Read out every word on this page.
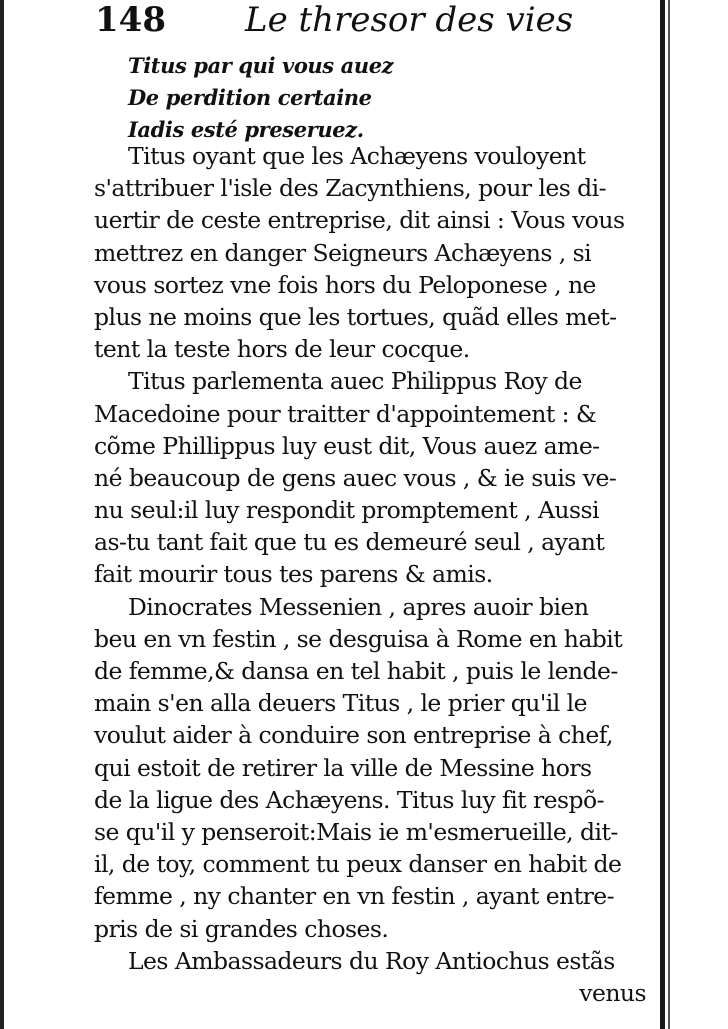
148 Le thresor des vies
Titus par qui vous auez
De perdition certaine
Iadis esté preseruez.
Titus oyant que les Achæyens vouloyent
s'attribuer l'isle des Zacynthiens, pour les di-
uertir de ceste entreprise, dit ainsi : Vous vous
mettrez en danger Seigneurs Achæyens , si
vous sortez vne fois hors du Peloponese , ne
plus ne moins que les tortues, quãd elles met-
tent la teste hors de leur cocque.
Titus parlementa auec Philippus Roy de
Macedoine pour traitter d'appointement : &
cõme Phillippus luy eust dit, Vous auez ame-
né beaucoup de gens auec vous , & ie suis ve-
nu seul:il luy respondit promptement , Aussi
as-tu tant fait que tu es demeuré seul , ayant
fait mourir tous tes parens & amis.
Dinocrates Messenien , apres auoir bien
beu en vn festin , se desguisa à Rome en habit
de femme,& dansa en tel habit , puis le lende-
main s'en alla deuers Titus , le prier qu'il le
voulut aider à conduire son entreprise à chef,
qui estoit de retirer la ville de Messine hors
de la ligue des Achæyens. Titus luy fit respõ-
se qu'il y penseroit:Mais ie m'esmerueille, dit-
il, de toy, comment tu peux danser en habit de
femme , ny chanter en vn festin , ayant entre-
pris de si grandes choses.
Les Ambassadeurs du Roy Antiochus estãs
venus
